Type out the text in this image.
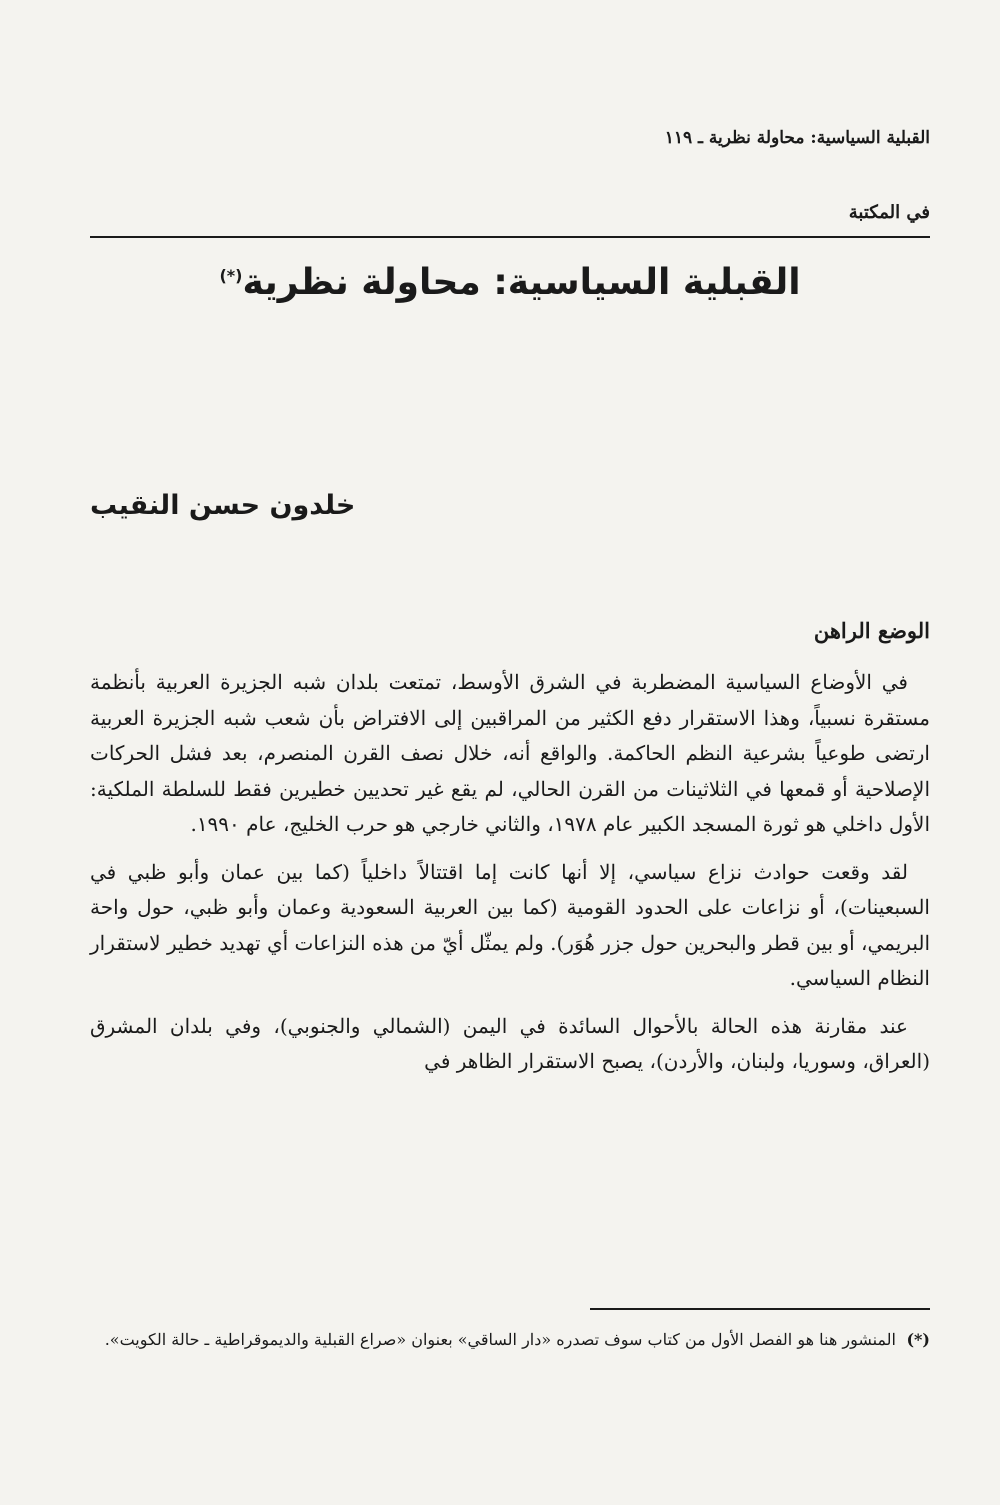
القبلية السياسية: محاولة نظرية ـ ١١٩
في المكتبة
القبلية السياسية: محاولة نظرية(*)
خلدون حسن النقيب
الوضع الراهن

في الأوضاع السياسية المضطربة في الشرق الأوسط، تمتعت بلدان شبه الجزيرة العربية بأنظمة مستقرة نسبياً، وهذا الاستقرار دفع الكثير من المراقبين إلى الافتراض بأن شعب شبه الجزيرة العربية ارتضى طوعياً بشرعية النظم الحاكمة. والواقع أنه، خلال نصف القرن المنصرم، بعد فشل الحركات الإصلاحية أو قمعها في الثلاثينات من القرن الحالي، لم يقع غير تحديين خطيرين فقط للسلطة الملكية: الأول داخلي هو ثورة المسجد الكبير عام ١٩٧٨، والثاني خارجي هو حرب الخليج، عام ١٩٩٠.

لقد وقعت حوادث نزاع سياسي، إلا أنها كانت إما اقتتالاً داخلياً (كما بين عمان وأبو ظبي في السبعينات)، أو نزاعات على الحدود القومية (كما بين العربية السعودية وعمان وأبو ظبي، حول واحة البريمي، أو بين قطر والبحرين حول جزر هُوَر). ولم يمثّل أيّ من هذه النزاعات أي تهديد خطير لاستقرار النظام السياسي.

عند مقارنة هذه الحالة بالأحوال السائدة في اليمن (الشمالي والجنوبي)، وفي بلدان المشرق (العراق، وسوريا، ولبنان، والأردن)، يصبح الاستقرار الظاهر في

(*)
المنشور هنا هو الفصل الأول من كتاب سوف تصدره «دار الساقي» بعنوان «صراع القبلية والديموقراطية ـ حالة الكويت».
